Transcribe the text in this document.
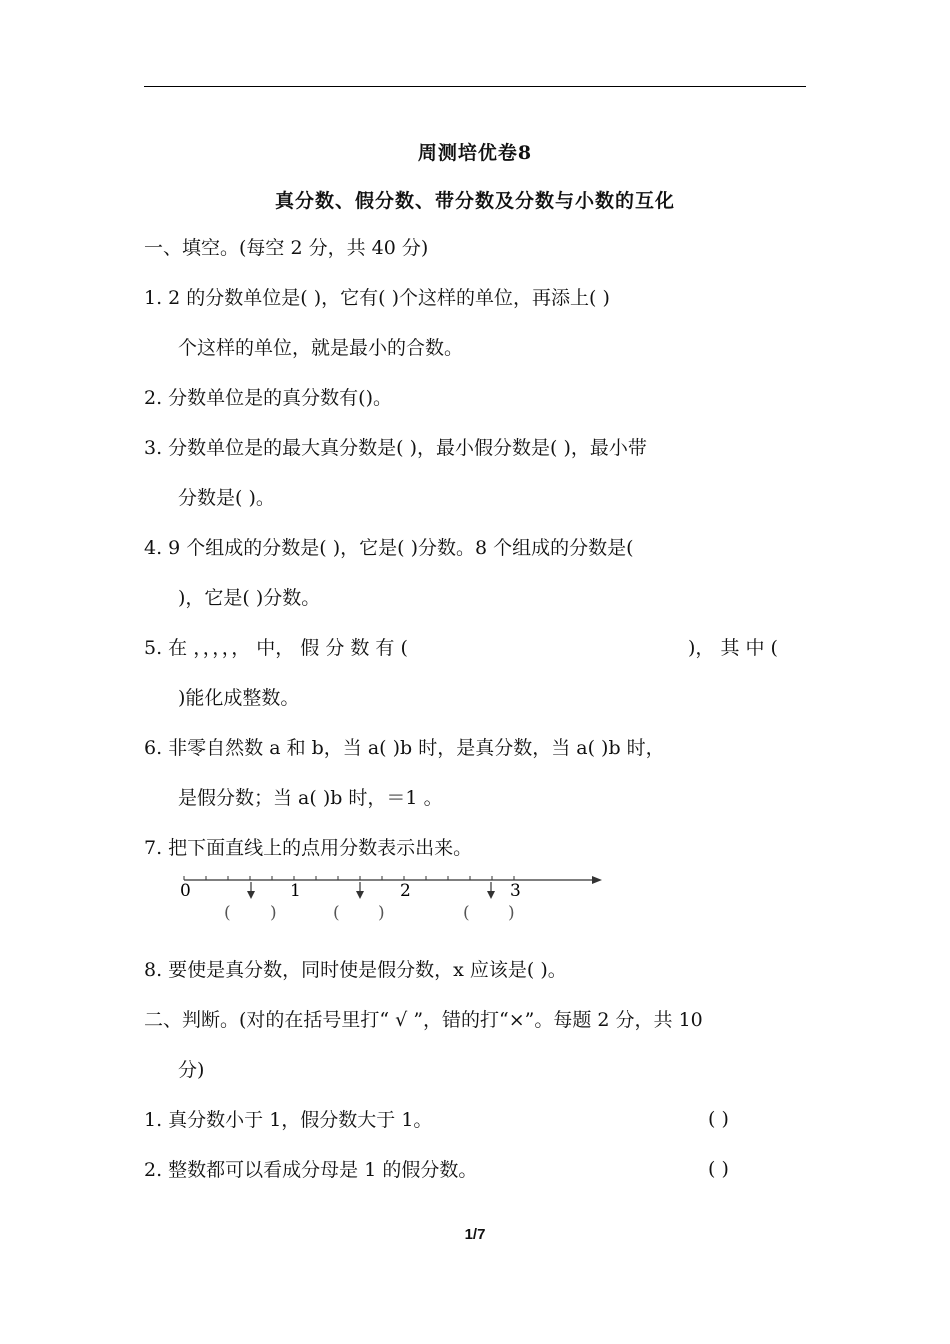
周测培优卷8
真分数、假分数、带分数及分数与小数的互化
一、填空。(每空 2 分，共 40 分)
1. 2 的分数单位是( )，它有( )个这样的单位，再添上( )
个这样的单位，就是最小的合数。
2. 分数单位是的真分数有()。
3. 分数单位是的最大真分数是( )，最小假分数是( )，最小带
分数是( )。
4. 9 个组成的分数是( )，它是( )分数。8 个组成的分数是(
)，它是( )分数。
5. 在 ，，，，， 中， 假 分 数 有 (	)， 其 中 (
)能化成整数。
6. 非零自然数 a 和 b，当 a( )b 时，是真分数，当 a( )b 时，
是假分数；当 a( )b 时，＝1 。
7. 把下面直线上的点用分数表示出来。
0	1	2	3
( )	( )	( )
8. 要使是真分数，同时使是假分数，x 应该是( )。
二、判断。(对的在括号里打“ √ ”，错的打“×”。每题 2 分，共 10
分)
1. 真分数小于 1，假分数大于 1。	( )
2. 整数都可以看成分母是 1 的假分数。	( )
1/7
